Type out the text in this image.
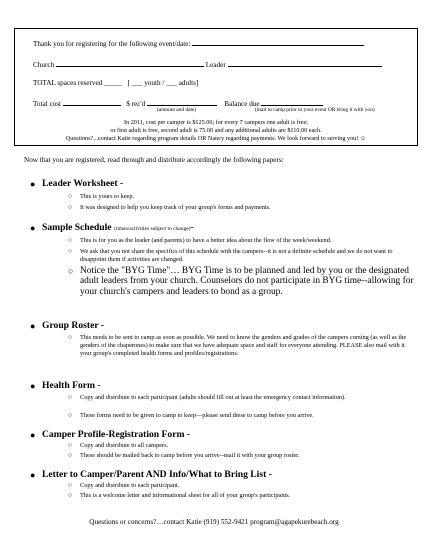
Thank you for registering for the following event/date:
Church	Leader
TOTAL spaces reserved _____ [ ___ youth / ___ adults]
Total cost	$ rec'd	Balance due
(amount and date)	(mail to camp prior to your event OR bring it with you)
In 2011, cost per camper is $125.00; for every 7 campers one adult is free;
or first adult is free, second adult is 75.00 and any additional adults are $110.00 each.
Questions?...contact Katie regarding program details OR Nancy regarding payments. We look forward to serving you! ☺
Now that you are registered, read through and distribute accordingly the following papers:
● Leader Worksheet -
○ This is yours to keep.
○ It was designed to help you keep track of your group's forms and payments.
● Sample Schedule (times/activities subject to change)-
○ This is for you as the leader (and parents) to have a better idea about the flow of the week/weekend.
○ We ask that you not share the specifics of this schedule with the campers--it is not a definite schedule and we do not want to disappoint them if activities are changed.
○ Notice the "BYG Time"… BYG Time is to be planned and led by you or the designated adult leaders from your church. Counselors do not participate in BYG time--allowing for your church's campers and leaders to bond as a group.
● Group Roster -
○ This needs to be sent to camp as soon as possible. We need to know the genders and grades of the campers coming (as well as the genders of the chaperones) to make sure that we have adequate space and staff for everyone attending. PLEASE also mail with it your group's completed health forms and profiles/registrations.
● Health Form -
○ Copy and distribute to each participant (adults should fill out at least the emergency contact information).
○ These forms need to be given to camp to keep—please send these to camp before you arrive.
● Camper Profile-Registration Form -
○ Copy and distribute to all campers.
○ These should be mailed back to camp before you arrive--mail it with your group roster.
● Letter to Camper/Parent AND Info/What to Bring List -
○ Copy and distribute to each participant.
○ This is a welcome letter and informational sheet for all of your group's participants.
Questions or concerns?…contact Katie (919) 552-9421 program@agapekurebeach.org
